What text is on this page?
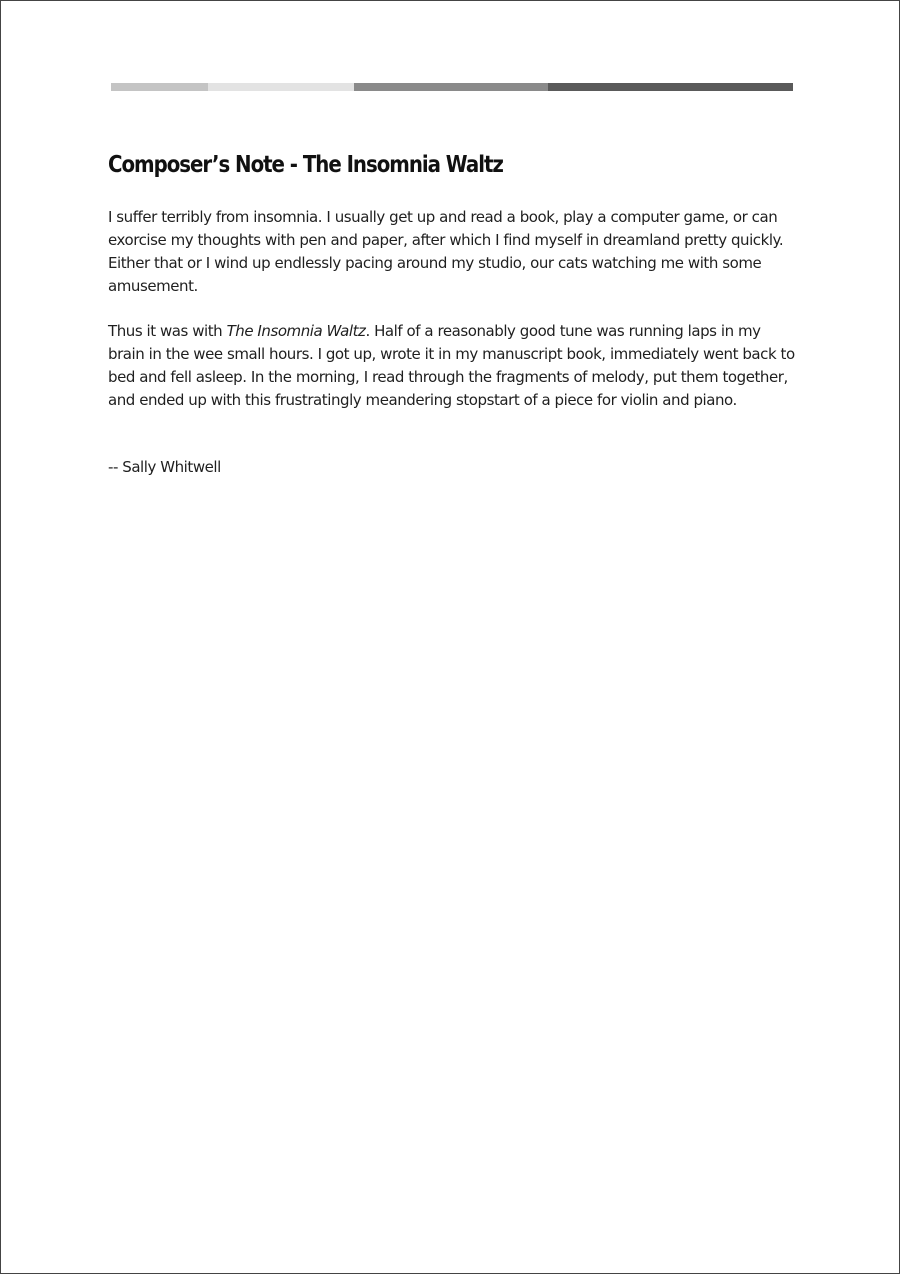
Composer’s Note - The Insomnia Waltz

I suffer terribly from insomnia. I usually get up and read a book, play a computer game, or can exorcise my thoughts with pen and paper, after which I find myself in dreamland pretty quickly. Either that or I wind up endlessly pacing around my studio, our cats watching me with some amusement.

Thus it was with The Insomnia Waltz. Half of a reasonably good tune was running laps in my brain in the wee small hours. I got up, wrote it in my manuscript book, immediately went back to bed and fell asleep. In the morning, I read through the fragments of melody, put them together, and ended up with this frustratingly meandering stopstart of a piece for violin and piano.

-- Sally Whitwell
